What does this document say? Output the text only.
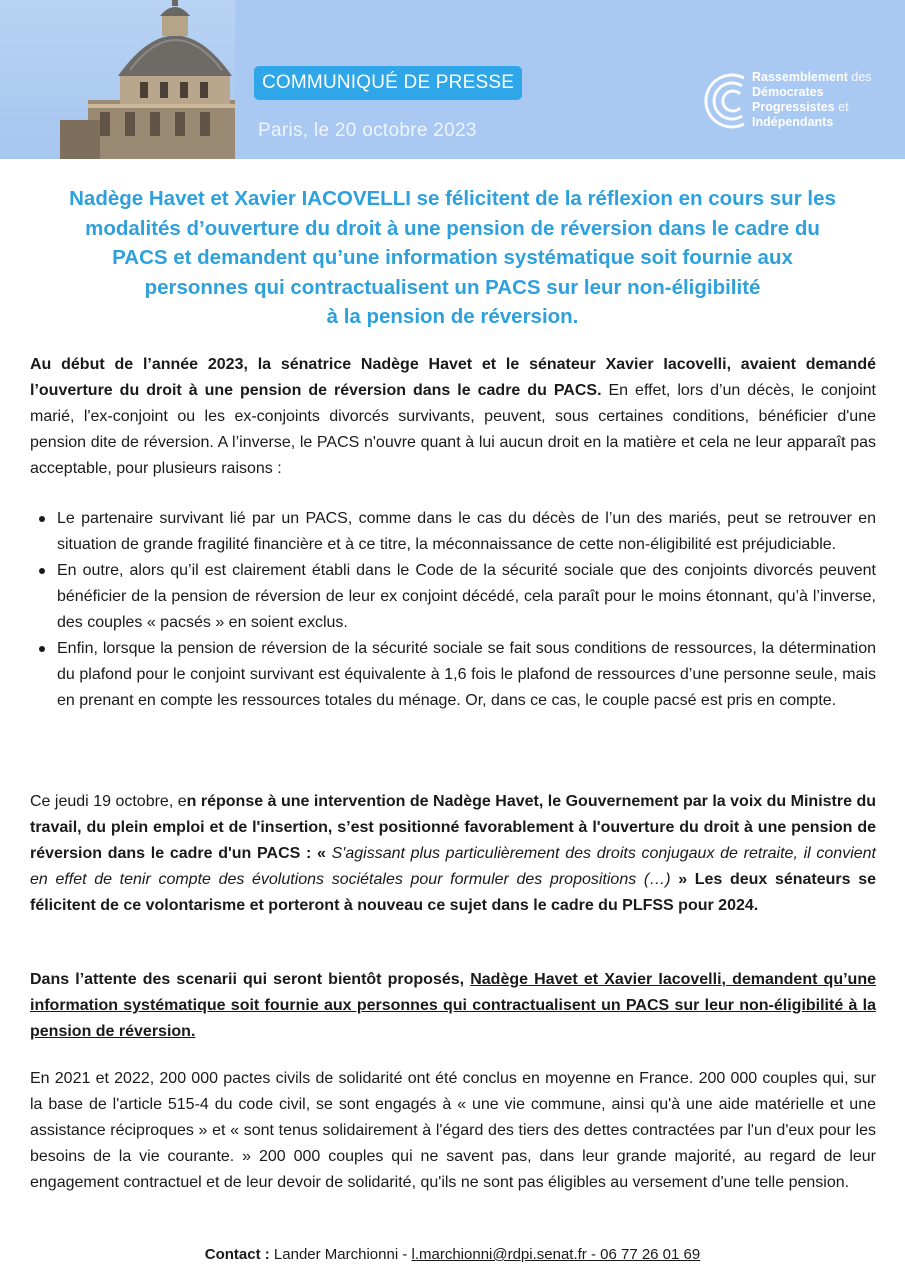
COMMUNIQUÉ DE PRESSE
Paris, le 20 octobre 2023
Rassemblement des
Démocrates
Progressistes et
Indépendants
Nadège Havet et Xavier IACOVELLI se félicitent de la réflexion en cours sur les
modalités d’ouverture du droit à une pension de réversion dans le cadre du
PACS et demandent qu’une information systématique soit fournie aux
personnes qui contractualisent un PACS sur leur non-éligibilité
à la pension de réversion.
Au début de l’année 2023, la sénatrice Nadège Havet et le sénateur Xavier Iacovelli, avaient demandé l’ouverture du droit à une pension de réversion dans le cadre du PACS. En effet, lors d’un décès, le conjoint marié, l'ex-conjoint ou les ex-conjoints divorcés survivants, peuvent, sous certaines conditions, bénéficier d'une pension dite de réversion. A l’inverse, le PACS n'ouvre quant à lui aucun droit en la matière et cela ne leur apparaît pas acceptable, pour plusieurs raisons :
Le partenaire survivant lié par un PACS, comme dans le cas du décès de l’un des mariés, peut se retrouver en situation de grande fragilité financière et à ce titre, la méconnaissance de cette non-éligibilité est préjudiciable.
En outre, alors qu’il est clairement établi dans le Code de la sécurité sociale que des conjoints divorcés peuvent bénéficier de la pension de réversion de leur ex conjoint décédé, cela paraît pour le moins étonnant, qu’à l’inverse, des couples « pacsés » en soient exclus.
Enfin, lorsque la pension de réversion de la sécurité sociale se fait sous conditions de ressources, la détermination du plafond pour le conjoint survivant est équivalente à 1,6 fois le plafond de ressources d’une personne seule, mais en prenant en compte les ressources totales du ménage. Or, dans ce cas, le couple pacsé est pris en compte.
Ce jeudi 19 octobre, en réponse à une intervention de Nadège Havet, le Gouvernement par la voix du Ministre du travail, du plein emploi et de l'insertion, s’est positionné favorablement à l'ouverture du droit à une pension de réversion dans le cadre d'un PACS : « S'agissant plus particulièrement des droits conjugaux de retraite, il convient en effet de tenir compte des évolutions sociétales pour formuler des propositions (…) » Les deux sénateurs se félicitent de ce volontarisme et porteront à nouveau ce sujet dans le cadre du PLFSS pour 2024.
Dans l’attente des scenarii qui seront bientôt proposés, Nadège Havet et Xavier Iacovelli, demandent qu’une information systématique soit fournie aux personnes qui contractualisent un PACS sur leur non-éligibilité à la pension de réversion.
En 2021 et 2022, 200 000 pactes civils de solidarité ont été conclus en moyenne en France. 200 000 couples qui, sur la base de l'article 515-4 du code civil, se sont engagés à « une vie commune, ainsi qu'à une aide matérielle et une assistance réciproques » et « sont tenus solidairement à l'égard des tiers des dettes contractées par l'un d'eux pour les besoins de la vie courante. » 200 000 couples qui ne savent pas, dans leur grande majorité, au regard de leur engagement contractuel et de leur devoir de solidarité, qu'ils ne sont pas éligibles au versement d'une telle pension.
Contact : Lander Marchionni - l.marchionni@rdpi.senat.fr - 06 77 26 01 69
